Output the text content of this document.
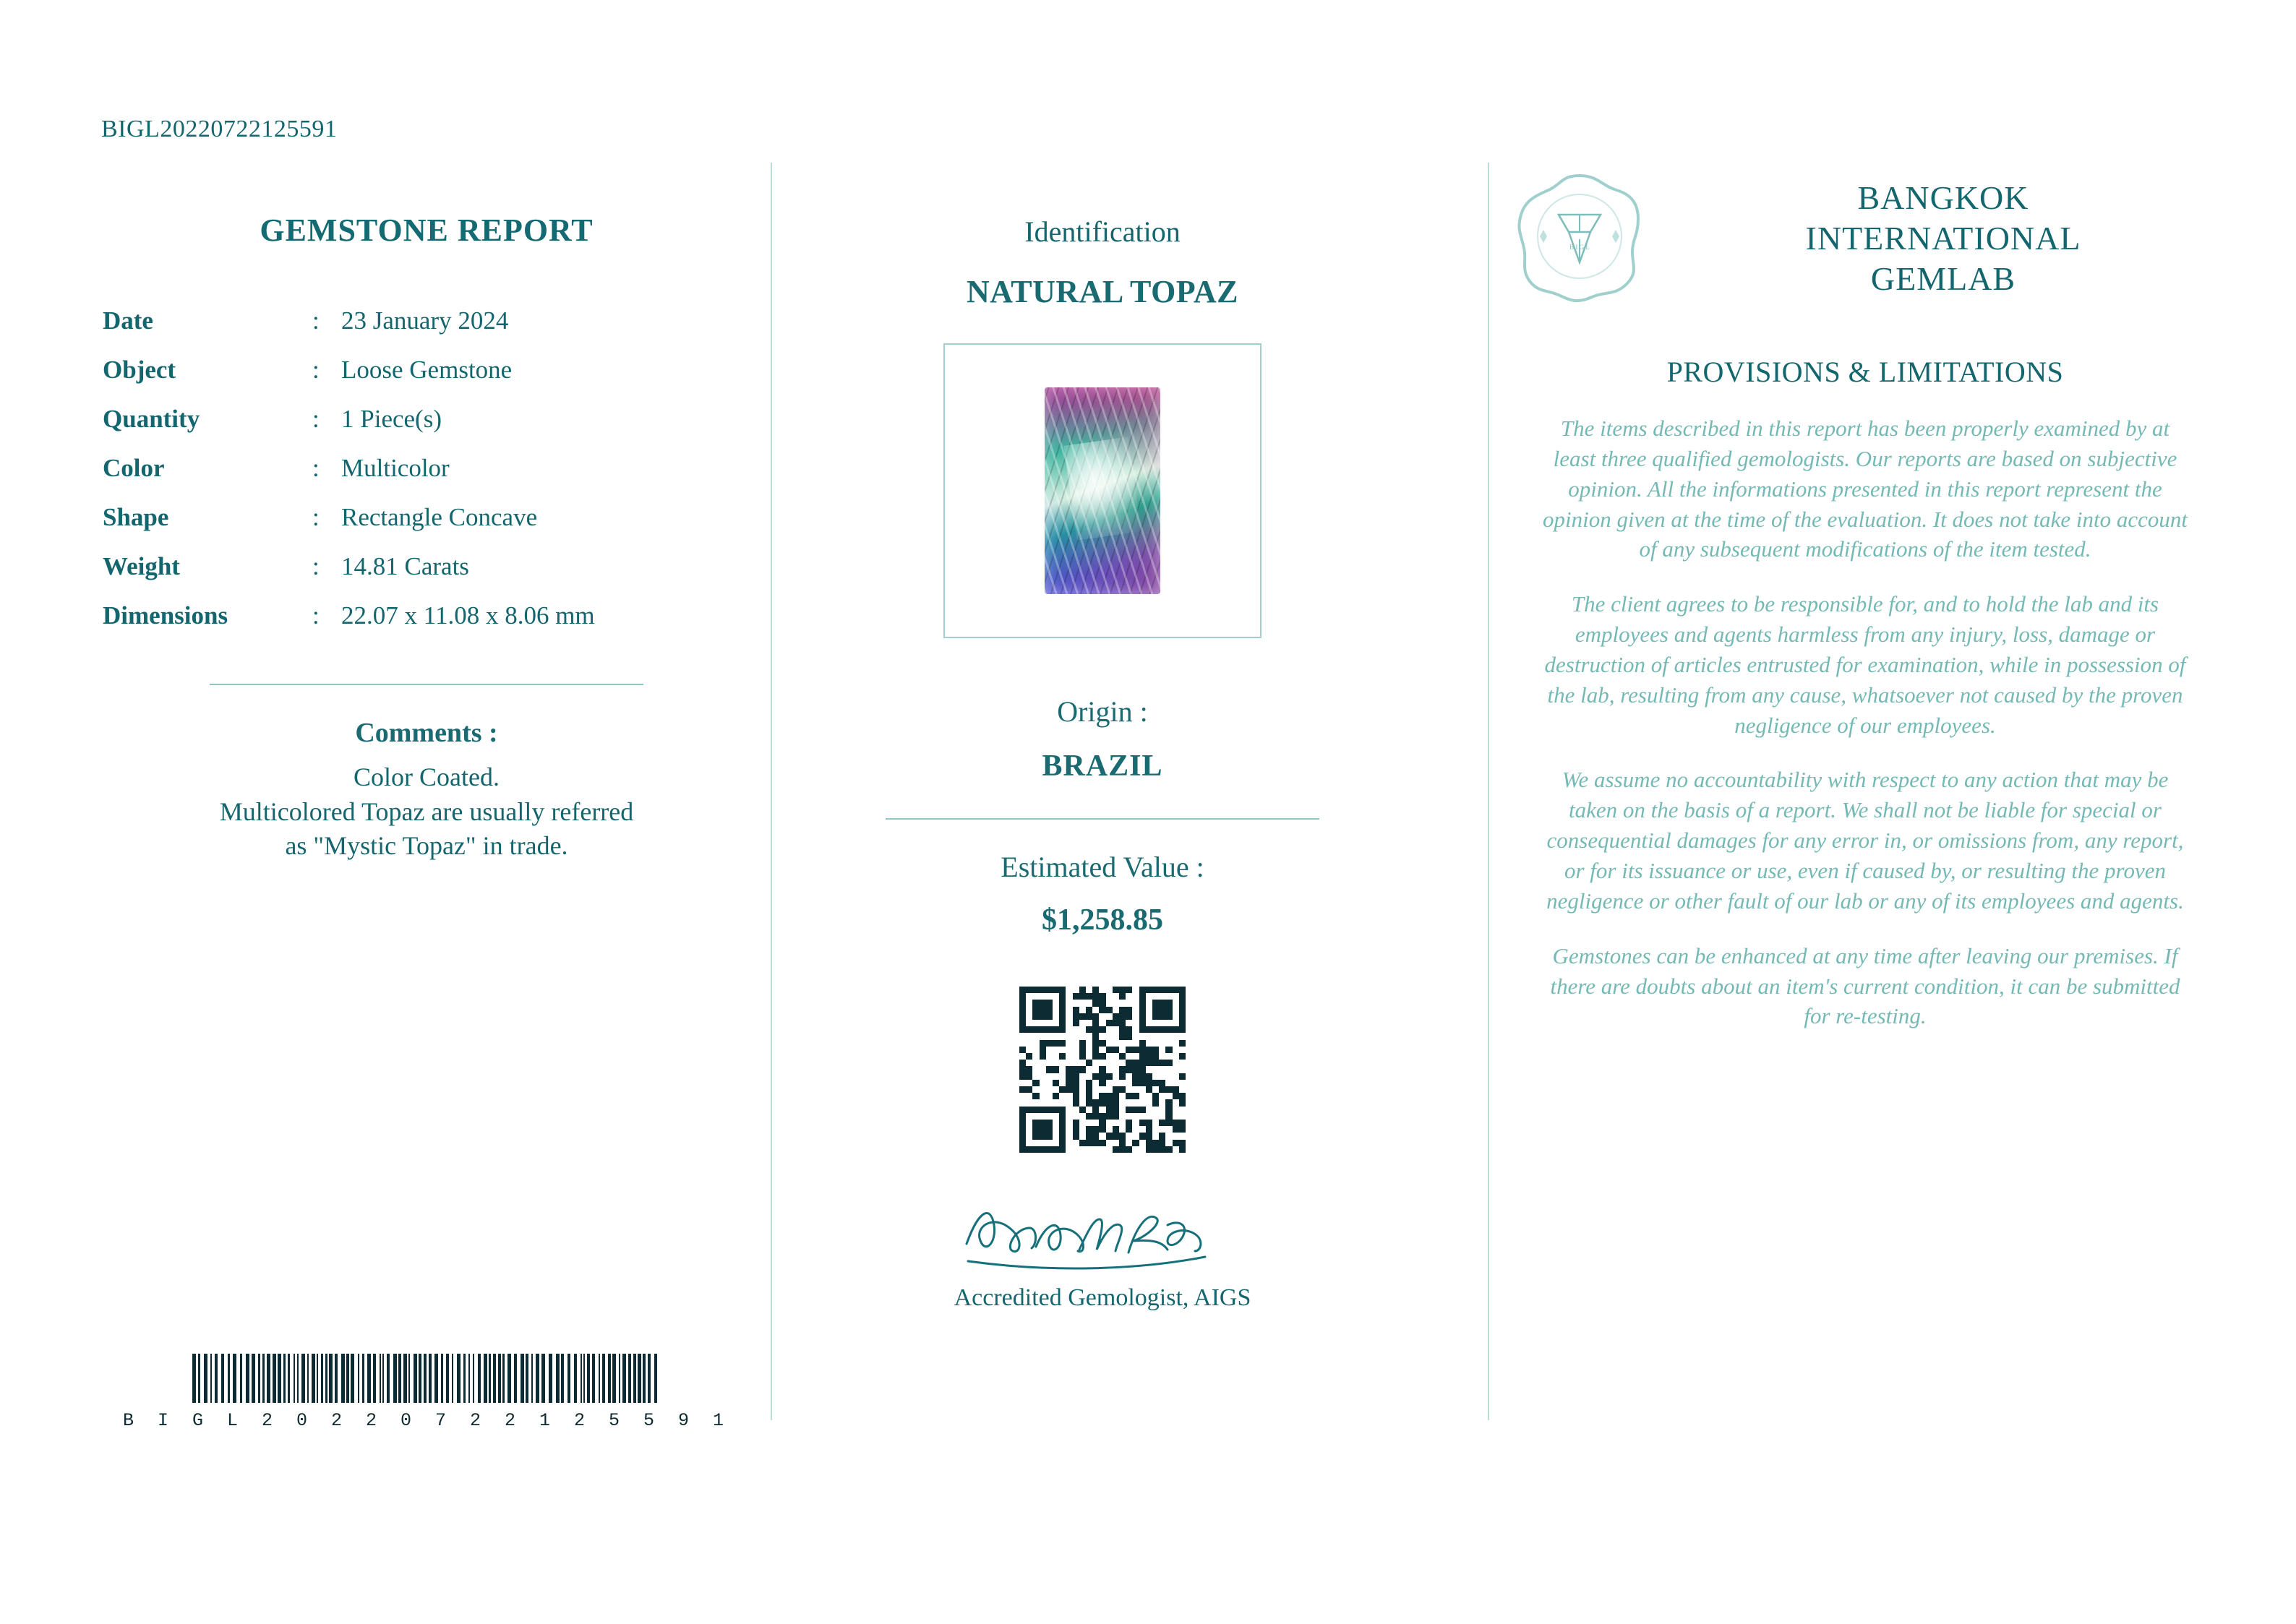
BIGL20220722125591
GEMSTONE REPORT
Date	:	23 January 2024
Object	:	Loose Gemstone
Quantity	:	1 Piece(s)
Color	:	Multicolor
Shape	:	Rectangle Concave
Weight	:	14.81 Carats
Dimensions	:	22.07 x 11.08 x 8.06 mm
Comments :
Color Coated.
Multicolored Topaz are usually referred
as "Mystic Topaz" in trade.
B I G L 2 0 2 2 0 7 2 2 1 2 5 5 9 1
Identification
NATURAL TOPAZ
Origin :
BRAZIL
Estimated Value :
$1,258.85
Accredited Gemologist, AIGS
B I G L
BANGKOK
INTERNATIONAL
GEMLAB
PROVISIONS & LIMITATIONS
The items described in this report has been properly examined by at least three qualified gemologists. Our reports are based on subjective opinion. All the informations presented in this report represent the opinion given at the time of the evaluation. It does not take into account of any subsequent modifications of the item tested.
The client agrees to be responsible for, and to hold the lab and its employees and agents harmless from any injury, loss, damage or destruction of articles entrusted for examination, while in possession of the lab, resulting from any cause, whatsoever not caused by the proven negligence of our employees.
We assume no accountability with respect to any action that may be taken on the basis of a report. We shall not be liable for special or consequential damages for any error in, or omissions from, any report, or for its issuance or use, even if caused by, or resulting the proven negligence or other fault of our lab or any of its employees and agents.
Gemstones can be enhanced at any time after leaving our premises. If there are doubts about an item's current condition, it can be submitted for re-testing.
